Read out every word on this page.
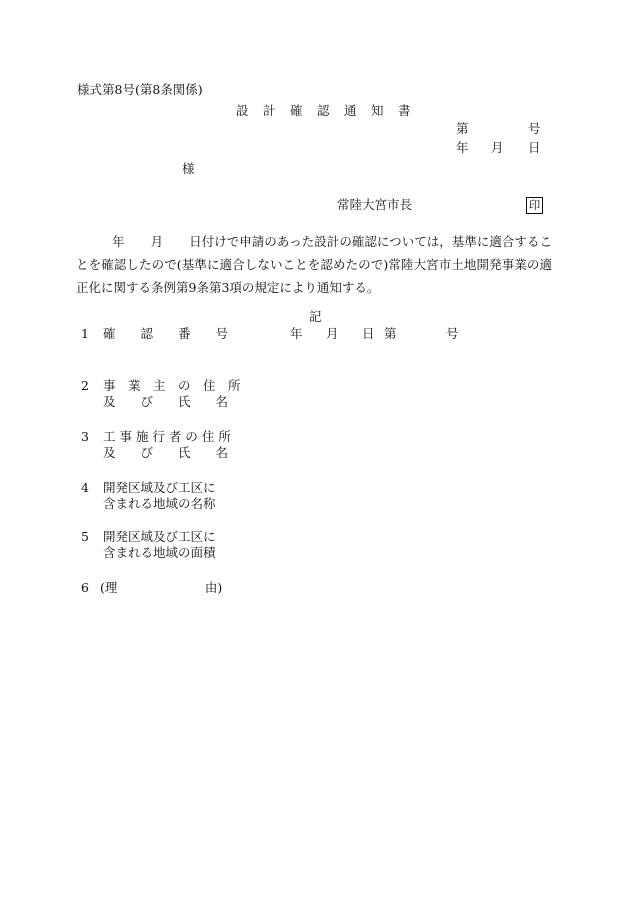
様式第8号(第8条関係)
設　計　確　認　通　知　書
第	号
年 月 日
様
常陸大宮市長	印
年 月 日付けで申請のあった設計の確認については，基準に適合することを確認したので(基準に適合しないことを認めたので)常陸大宮市土地開発事業の適正化に関する条例第9条第3項の規定により通知する。
記
1 確　　認　　番　　号	年 月 日 第	号
2 事　業　主　の　住　所
及　　び　　氏　　名
3 工 事 施 行 者 の 住 所
及　　び　　氏　　名
4 開発区域及び工区に
含まれる地域の名称
5 開発区域及び工区に
含まれる地域の面積
6 (理　　　　　　　由)
